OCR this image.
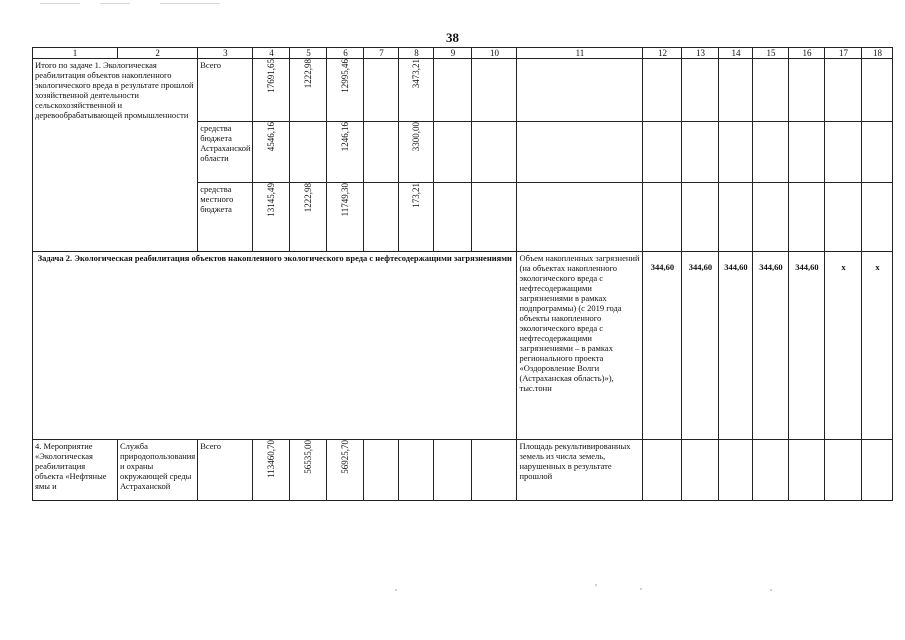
38
1	2	3	4	5	6	7	8	9	10	11	12	13	14	15	16	17	18
Итого по задаче 1. Экологическая реабилитация объектов накопленного экологического вреда в результате прошлой хозяйственной деятельности сельскохозяйственной и деревообрабатывающей промышленности		Всего	17691,65	1222,98	12995,46		3473,21										

		средства бюджета Астраханской области	4546,16		1246,16		3300,00										

		средства местного бюджета	13145,49	1222,98	11749,30		173,21										

Задача 2. Экологическая реабилитация объектов накопленного экологического вреда с нефтесодержащими загрязнениями										Объем накопленных загрязнений (на объектах накопленного экологического вреда с нефтесодержащими загрязнениями в рамках подпрограммы) (с 2019 года объекты накопленного экологического вреда с нефтесодержащими загрязнениями – в рамках регионального проекта «Оздоровление Волги (Астраханская область)»), тыс.тонн	344,60	344,60	344,60	344,60	344,60	x	x
4. Мероприятие «Экологическая реабилитация объекта «Нефтяные ямы и	Служба природопользования и охраны окружающей среды Астраханской	Всего	113460,70	56535,00	56925,70					Площадь рекультивированных земель из числа земель, нарушенных в результате прошлой							
